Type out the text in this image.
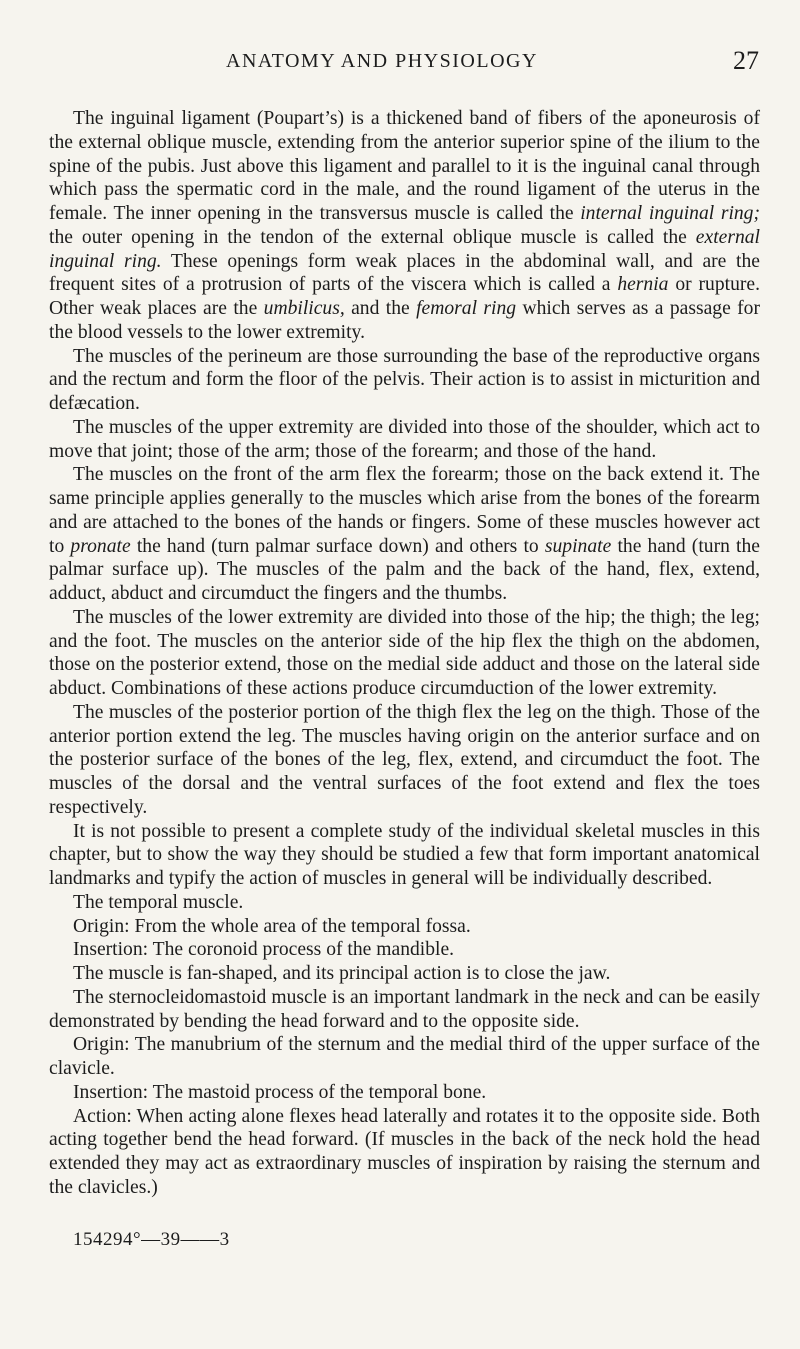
ANATOMY AND PHYSIOLOGY	27

The inguinal ligament (Poupart’s) is a thickened band of fibers of the aponeurosis of the external oblique muscle, extending from the anterior superior spine of the ilium to the spine of the pubis. Just above this ligament and parallel to it is the inguinal canal through which pass the spermatic cord in the male, and the round ligament of the uterus in the female. The inner opening in the transversus muscle is called the internal inguinal ring; the outer opening in the tendon of the external oblique muscle is called the external inguinal ring. These openings form weak places in the abdominal wall, and are the frequent sites of a protrusion of parts of the viscera which is called a hernia or rupture. Other weak places are the umbilicus, and the femoral ring which serves as a passage for the blood vessels to the lower extremity.

The muscles of the perineum are those surrounding the base of the reproductive organs and the rectum and form the floor of the pelvis. Their action is to assist in micturition and defæcation.

The muscles of the upper extremity are divided into those of the shoulder, which act to move that joint; those of the arm; those of the forearm; and those of the hand.

The muscles on the front of the arm flex the forearm; those on the back extend it. The same principle applies generally to the muscles which arise from the bones of the forearm and are attached to the bones of the hands or fingers. Some of these muscles however act to pronate the hand (turn palmar surface down) and others to supinate the hand (turn the palmar surface up). The muscles of the palm and the back of the hand, flex, extend, adduct, abduct and circumduct the fingers and the thumbs.

The muscles of the lower extremity are divided into those of the hip; the thigh; the leg; and the foot. The muscles on the anterior side of the hip flex the thigh on the abdomen, those on the posterior extend, those on the medial side adduct and those on the lateral side abduct. Combinations of these actions produce circumduction of the lower extremity.

The muscles of the posterior portion of the thigh flex the leg on the thigh. Those of the anterior portion extend the leg. The muscles having origin on the anterior surface and on the posterior surface of the bones of the leg, flex, extend, and circumduct the foot. The muscles of the dorsal and the ventral surfaces of the foot extend and flex the toes respectively.

It is not possible to present a complete study of the individual skeletal muscles in this chapter, but to show the way they should be studied a few that form important anatomical landmarks and typify the action of muscles in general will be individually described.

The temporal muscle.

Origin: From the whole area of the temporal fossa.

Insertion: The coronoid process of the mandible.

The muscle is fan-shaped, and its principal action is to close the jaw.

The sternocleidomastoid muscle is an important landmark in the neck and can be easily demonstrated by bending the head forward and to the opposite side.

Origin: The manubrium of the sternum and the medial third of the upper surface of the clavicle.

Insertion: The mastoid process of the temporal bone.

Action: When acting alone flexes head laterally and rotates it to the opposite side. Both acting together bend the head forward. (If muscles in the back of the neck hold the head extended they may act as extraordinary muscles of inspiration by raising the sternum and the clavicles.)

154294°—39——3
